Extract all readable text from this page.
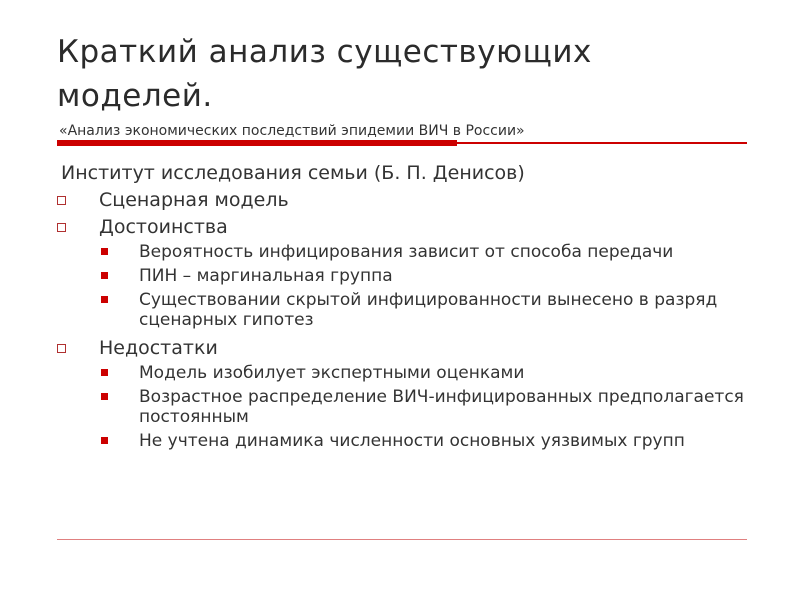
Краткий анализ существующих моделей.
«Анализ экономических последствий эпидемии ВИЧ в России»
Институт исследования семьи (Б. П. Денисов)
Сценарная модель
Достоинства
Вероятность инфицирования зависит от способа передачи
ПИН – маргинальная группа
Существовании скрытой инфицированности вынесено в разряд сценарных гипотез
Недостатки
Модель изобилует экспертными оценками
Возрастное распределение ВИЧ-инфицированных предполагается постоянным
Не учтена динамика численности основных уязвимых групп
